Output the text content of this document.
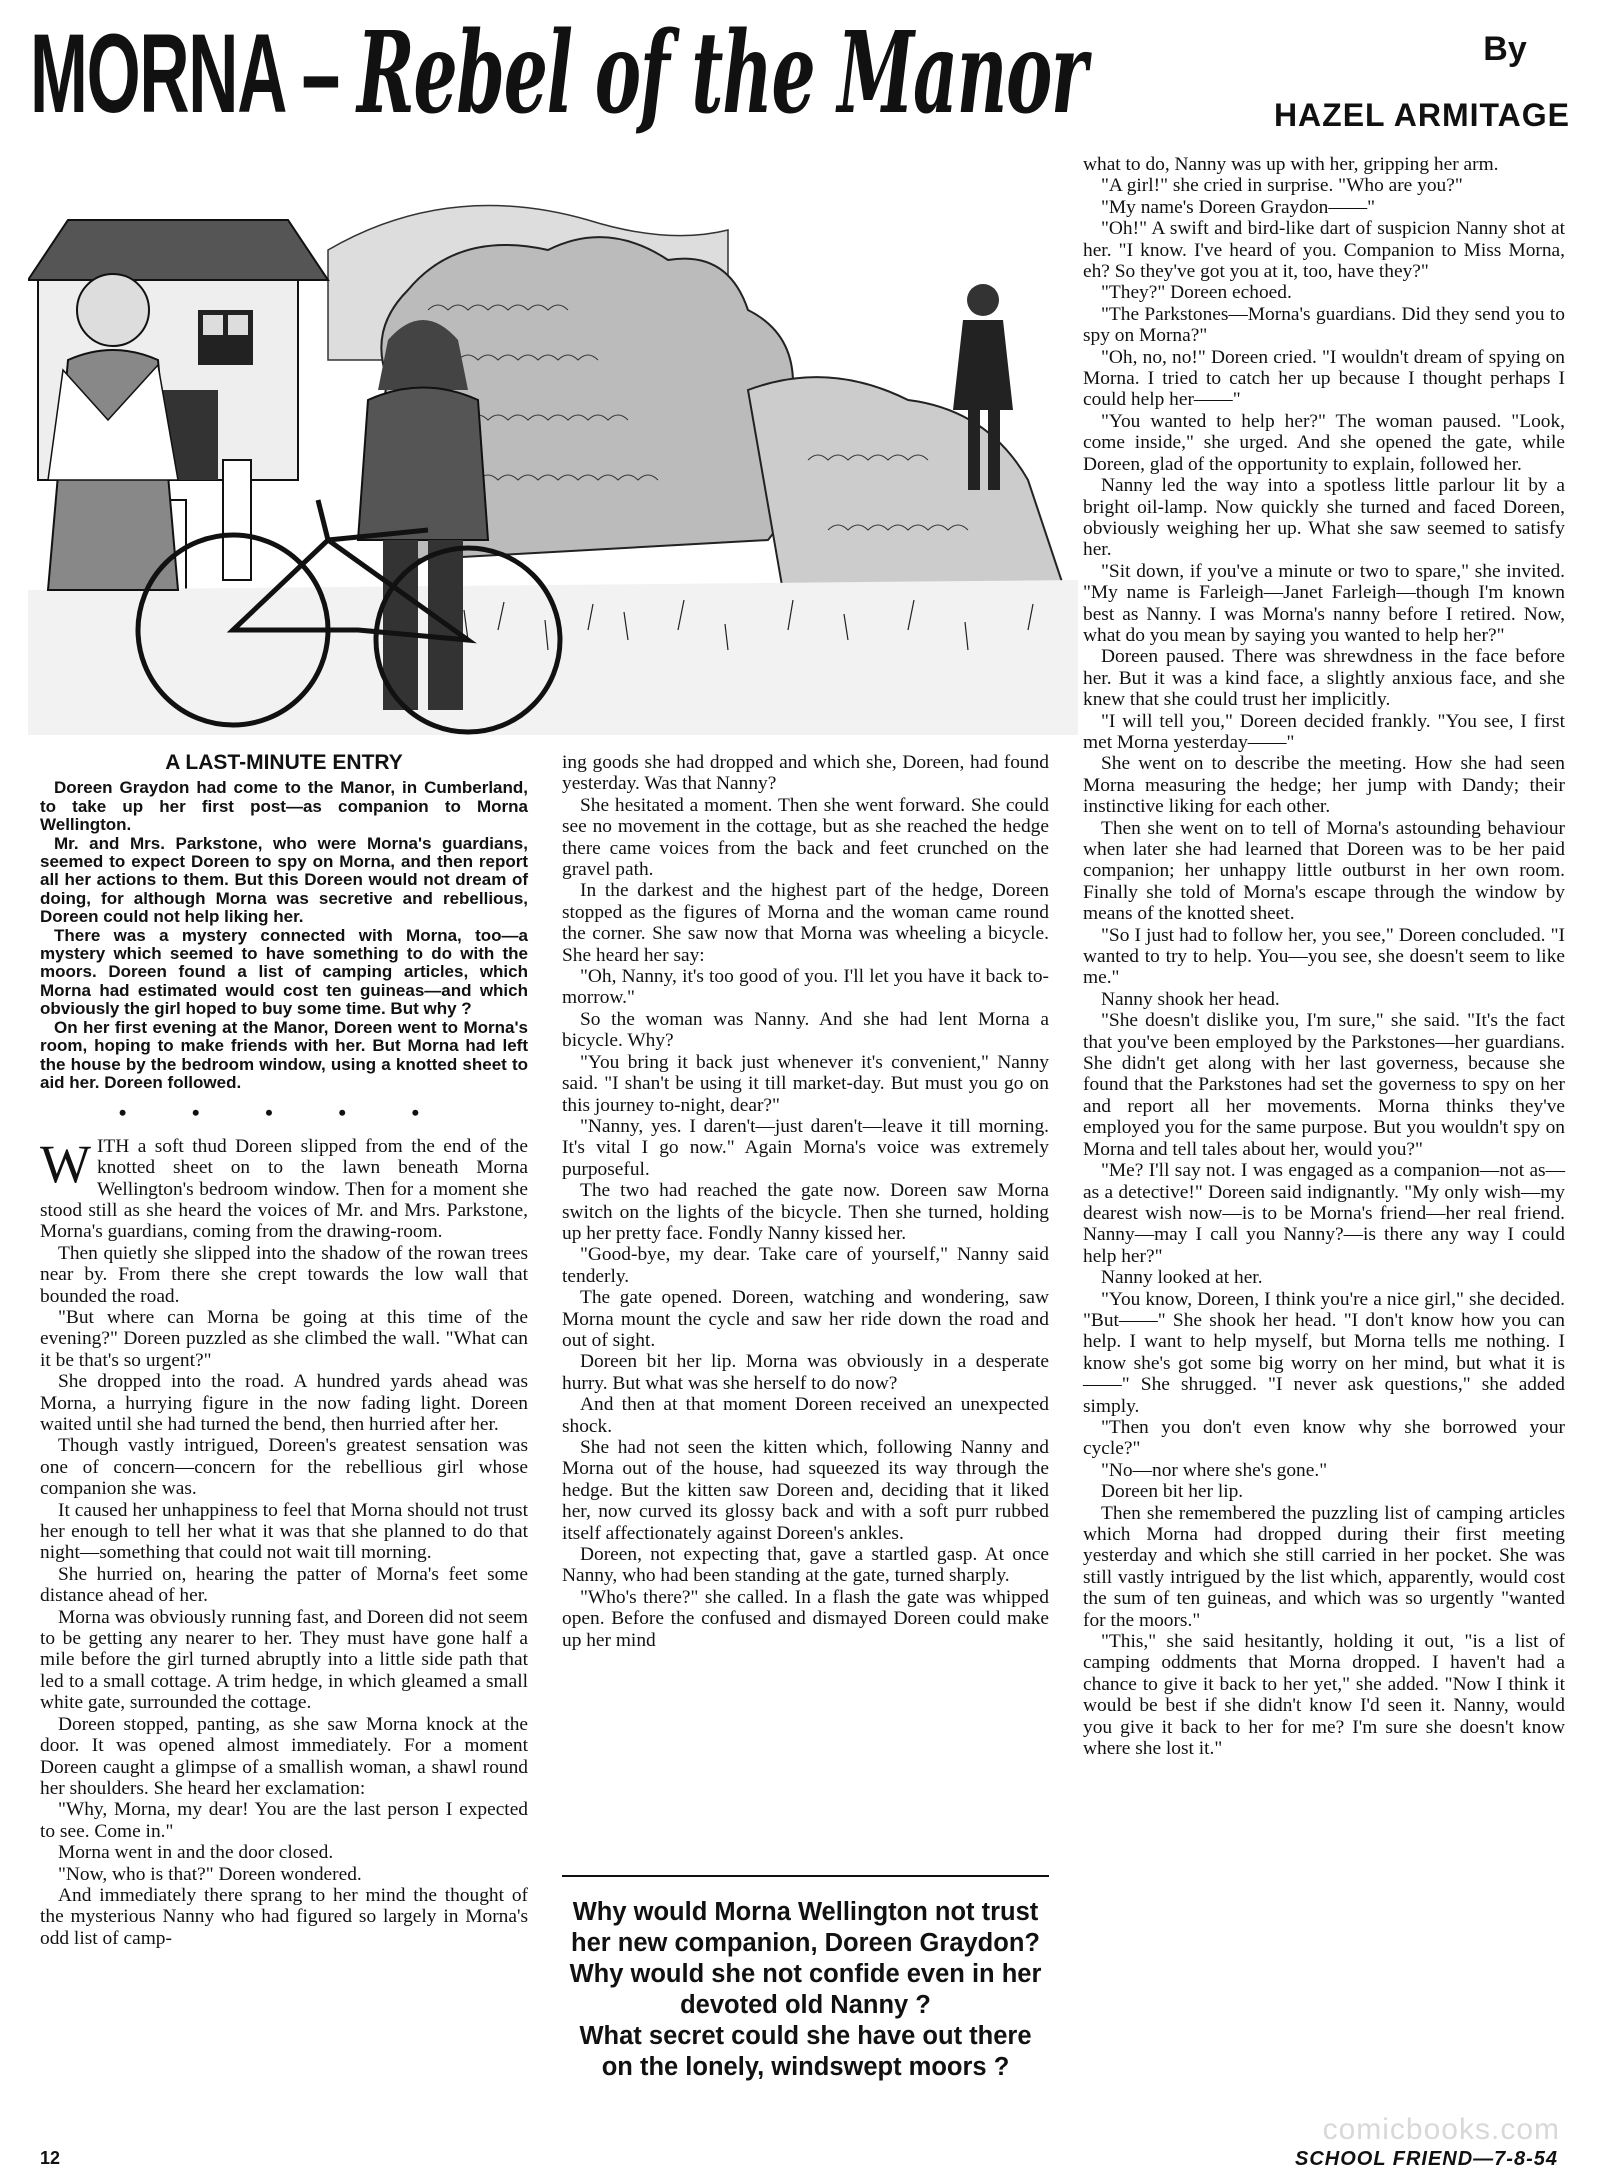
MORNA – Rebel of the Manor	By
HAZEL ARMITAGE
A LAST-MINUTE ENTRY

Doreen Graydon had come to the Manor, in Cumberland, to take up her first post—as companion to Morna Wellington.

Mr. and Mrs. Parkstone, who were Morna's guardians, seemed to expect Doreen to spy on Morna, and then report all her actions to them. But this Doreen would not dream of doing, for although Morna was secretive and rebellious, Doreen could not help liking her.

There was a mystery connected with Morna, too—a mystery which seemed to have something to do with the moors. Doreen found a list of camping articles, which Morna had estimated would cost ten guineas—and which obviously the girl hoped to buy some time. But why ?

On her first evening at the Manor, Doreen went to Morna's room, hoping to make friends with her. But Morna had left the house by the bedroom window, using a knotted sheet to aid her. Doreen followed.

• • • • •

WITH a soft thud Doreen slipped from the end of the knotted sheet on to the lawn beneath Morna Wellington's bedroom window. Then for a moment she stood still as she heard the voices of Mr. and Mrs. Parkstone, Morna's guardians, coming from the drawing-room.

Then quietly she slipped into the shadow of the rowan trees near by. From there she crept towards the low wall that bounded the road.

"But where can Morna be going at this time of the evening?" Doreen puzzled as she climbed the wall. "What can it be that's so urgent?"

She dropped into the road. A hundred yards ahead was Morna, a hurrying figure in the now fading light. Doreen waited until she had turned the bend, then hurried after her.

Though vastly intrigued, Doreen's greatest sensation was one of concern—concern for the rebellious girl whose companion she was.

It caused her unhappiness to feel that Morna should not trust her enough to tell her what it was that she planned to do that night—something that could not wait till morning.

She hurried on, hearing the patter of Morna's feet some distance ahead of her.

Morna was obviously running fast, and Doreen did not seem to be getting any nearer to her. They must have gone half a mile before the girl turned abruptly into a little side path that led to a small cottage. A trim hedge, in which gleamed a small white gate, surrounded the cottage.

Doreen stopped, panting, as she saw Morna knock at the door. It was opened almost immediately. For a moment Doreen caught a glimpse of a smallish woman, a shawl round her shoulders. She heard her exclamation:

"Why, Morna, my dear! You are the last person I expected to see. Come in."

Morna went in and the door closed.

"Now, who is that?" Doreen wondered.

And immediately there sprang to her mind the thought of the mysterious Nanny who had figured so largely in Morna's odd list of camp-

ing goods she had dropped and which she, Doreen, had found yesterday. Was that Nanny?

She hesitated a moment. Then she went forward. She could see no movement in the cottage, but as she reached the hedge there came voices from the back and feet crunched on the gravel path.

In the darkest and the highest part of the hedge, Doreen stopped as the figures of Morna and the woman came round the corner. She saw now that Morna was wheeling a bicycle. She heard her say:

"Oh, Nanny, it's too good of you. I'll let you have it back to-morrow."

So the woman was Nanny. And she had lent Morna a bicycle. Why?

"You bring it back just whenever it's convenient," Nanny said. "I shan't be using it till market-day. But must you go on this journey to-night, dear?"

"Nanny, yes. I daren't—just daren't—leave it till morning. It's vital I go now." Again Morna's voice was extremely purposeful.

The two had reached the gate now. Doreen saw Morna switch on the lights of the bicycle. Then she turned, holding up her pretty face. Fondly Nanny kissed her.

"Good-bye, my dear. Take care of yourself," Nanny said tenderly.

The gate opened. Doreen, watching and wondering, saw Morna mount the cycle and saw her ride down the road and out of sight.

Doreen bit her lip. Morna was obviously in a desperate hurry. But what was she herself to do now?

And then at that moment Doreen received an unexpected shock.

She had not seen the kitten which, following Nanny and Morna out of the house, had squeezed its way through the hedge. But the kitten saw Doreen and, deciding that it liked her, now curved its glossy back and with a soft purr rubbed itself affectionately against Doreen's ankles.

Doreen, not expecting that, gave a startled gasp. At once Nanny, who had been standing at the gate, turned sharply.

"Who's there?" she called. In a flash the gate was whipped open. Before the confused and dismayed Doreen could make up her mind

Why would Morna Wellington not trust her new companion, Doreen Graydon?
Why would she not confide even in her devoted old Nanny ?
What secret could she have out there on the lonely, windswept moors ?

what to do, Nanny was up with her, gripping her arm.

"A girl!" she cried in surprise. "Who are you?"

"My name's Doreen Graydon——"

"Oh!" A swift and bird-like dart of suspicion Nanny shot at her. "I know. I've heard of you. Companion to Miss Morna, eh? So they've got you at it, too, have they?"

"They?" Doreen echoed.

"The Parkstones—Morna's guardians. Did they send you to spy on Morna?"

"Oh, no, no!" Doreen cried. "I wouldn't dream of spying on Morna. I tried to catch her up because I thought perhaps I could help her——"

"You wanted to help her?" The woman paused. "Look, come inside," she urged. And she opened the gate, while Doreen, glad of the opportunity to explain, followed her.

Nanny led the way into a spotless little parlour lit by a bright oil-lamp. Now quickly she turned and faced Doreen, obviously weighing her up. What she saw seemed to satisfy her.

"Sit down, if you've a minute or two to spare," she invited. "My name is Farleigh—Janet Farleigh—though I'm known best as Nanny. I was Morna's nanny before I retired. Now, what do you mean by saying you wanted to help her?"

Doreen paused. There was shrewdness in the face before her. But it was a kind face, a slightly anxious face, and she knew that she could trust her implicitly.

"I will tell you," Doreen decided frankly. "You see, I first met Morna yesterday——"

She went on to describe the meeting. How she had seen Morna measuring the hedge; her jump with Dandy; their instinctive liking for each other.

Then she went on to tell of Morna's astounding behaviour when later she had learned that Doreen was to be her paid companion; her unhappy little outburst in her own room. Finally she told of Morna's escape through the window by means of the knotted sheet.

"So I just had to follow her, you see," Doreen concluded. "I wanted to try to help. You—you see, she doesn't seem to like me."

Nanny shook her head.

"She doesn't dislike you, I'm sure," she said. "It's the fact that you've been employed by the Parkstones—her guardians. She didn't get along with her last governess, because she found that the Parkstones had set the governess to spy on her and report all her movements. Morna thinks they've employed you for the same purpose. But you wouldn't spy on Morna and tell tales about her, would you?"

"Me? I'll say not. I was engaged as a companion—not as—as a detective!" Doreen said indignantly. "My only wish—my dearest wish now—is to be Morna's friend—her real friend. Nanny—may I call you Nanny?—is there any way I could help her?"

Nanny looked at her.

"You know, Doreen, I think you're a nice girl," she decided. "But——" She shook her head. "I don't know how you can help. I want to help myself, but Morna tells me nothing. I know she's got some big worry on her mind, but what it is——" She shrugged. "I never ask questions," she added simply.

"Then you don't even know why she borrowed your cycle?"

"No—nor where she's gone."

Doreen bit her lip.

Then she remembered the puzzling list of camping articles which Morna had dropped during their first meeting yesterday and which she still carried in her pocket. She was still vastly intrigued by the list which, apparently, would cost the sum of ten guineas, and which was so urgently "wanted for the moors."

"This," she said hesitantly, holding it out, "is a list of camping oddments that Morna dropped. I haven't had a chance to give it back to her yet," she added. "Now I think it would be best if she didn't know I'd seen it. Nanny, would you give it back to her for me? I'm sure she doesn't know where she lost it."

comicbooks.com
12	SCHOOL FRIEND—7-8-54
